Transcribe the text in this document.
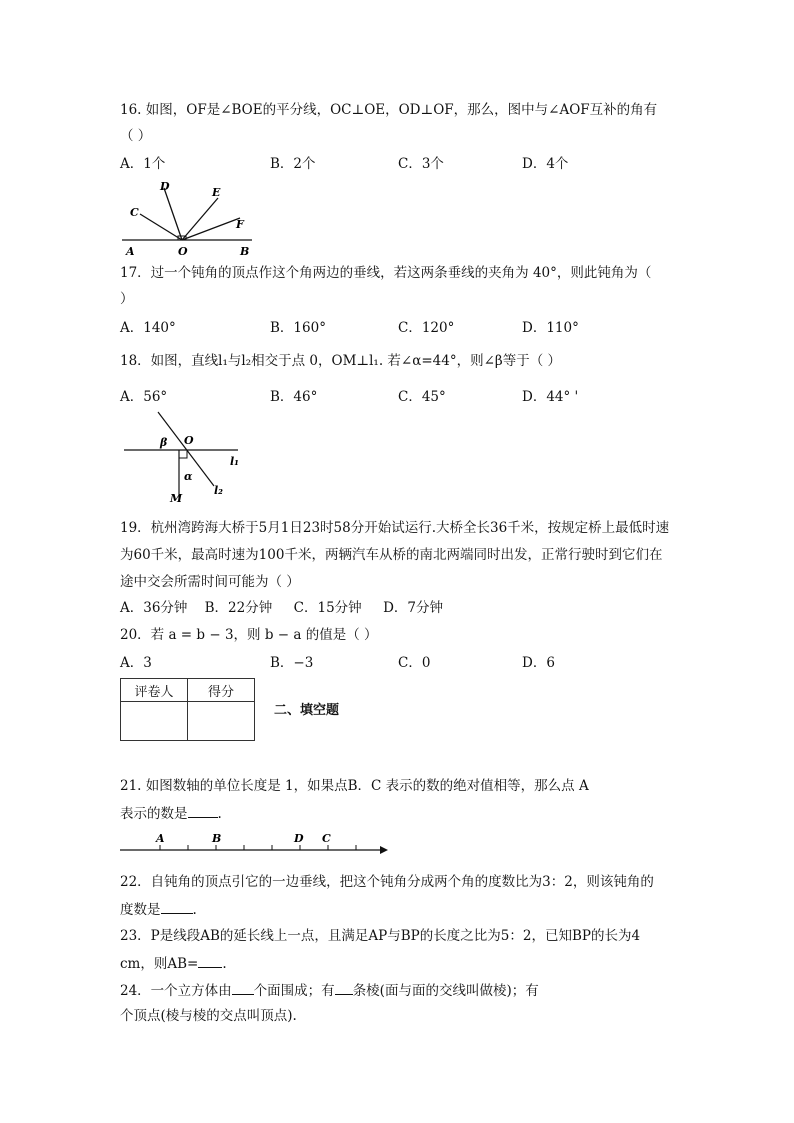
16. 如图，OF是∠BOE的平分线，OC⊥OE，OD⊥OF，那么，图中与∠AOF互补的角有
（ ）
A．1个	B．2个	C．3个	D．4个
C
D	E
F
A	O	B
17．过一个钝角的顶点作这个角两边的垂线，若这两条垂线的夹角为 40°，则此钝角为（
）
A．140°	B．160°	C．120°	D．110°
18．如图，直线l₁与l₂相交于点 0，OM⊥l₁. 若∠α=44°，则∠β等于（ ）
A．56°	B．46°	C．45°	D．44° '
β O
l₁
α
M
l₂
19．杭州湾跨海大桥于5月1日23时58分开始试运行.大桥全长36千米，按规定桥上最低时速
为60千米，最高时速为100千米，两辆汽车从桥的南北两端同时出发，正常行驶时到它们在
途中交会所需时间可能为（ ）
A．36分钟    B．22分钟     C．15分钟     D．7分钟
20．若 a = b − 3，则 b − a 的值是（ ）
A．3	B．−3	C．0	D．6
评卷人	得分

二、填空题
21. 如图数轴的单位长度是 1，如果点B．C 表示的数的绝对值相等，那么点 A
表示的数是 .
A	B	D C
22．自钝角的顶点引它的一边垂线，把这个钝角分成两个角的度数比为3：2，则该钝角的
度数是 .
23．P是线段AB的延长线上一点，且满足AP与BP的长度之比为5：2，已知BP的长为4
cm，则AB= .
24．一个立方体由 个面围成；有 条棱(面与面的交线叫做棱)；有
个顶点(棱与棱的交点叫顶点).
